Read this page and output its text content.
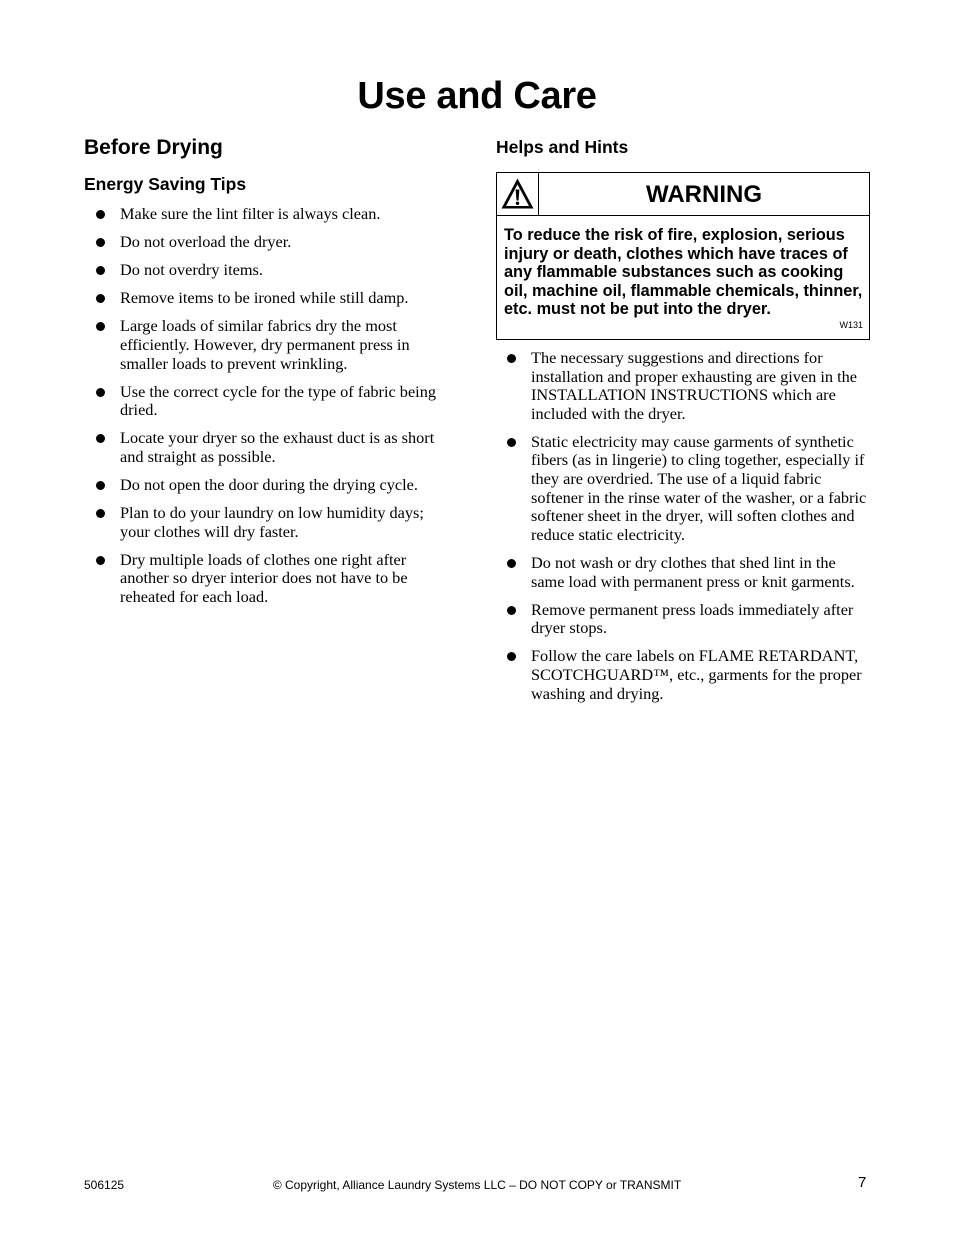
Use and Care
Before Drying
Energy Saving Tips
Make sure the lint filter is always clean.
Do not overload the dryer.
Do not overdry items.
Remove items to be ironed while still damp.
Large loads of similar fabrics dry the most efficiently. However, dry permanent press in smaller loads to prevent wrinkling.
Use the correct cycle for the type of fabric being dried.
Locate your dryer so the exhaust duct is as short and straight as possible.
Do not open the door during the drying cycle.
Plan to do your laundry on low humidity days; your clothes will dry faster.
Dry multiple loads of clothes one right after another so dryer interior does not have to be reheated for each load.
Helps and Hints
WARNING
To reduce the risk of fire, explosion, serious injury or death, clothes which have traces of any flammable substances such as cooking oil, machine oil, flammable chemicals, thinner, etc. must not be put into the dryer.
W131
The necessary suggestions and directions for installation and proper exhausting are given in the INSTALLATION INSTRUCTIONS which are included with the dryer.
Static electricity may cause garments of synthetic fibers (as in lingerie) to cling together, especially if they are overdried. The use of a liquid fabric softener in the rinse water of the washer, or a fabric softener sheet in the dryer, will soften clothes and reduce static electricity.
Do not wash or dry clothes that shed lint in the same load with permanent press or knit garments.
Remove permanent press loads immediately after dryer stops.
Follow the care labels on FLAME RETARDANT, SCOTCHGUARD™, etc., garments for the proper washing and drying.
506125	© Copyright, Alliance Laundry Systems LLC – DO NOT COPY or TRANSMIT	7
